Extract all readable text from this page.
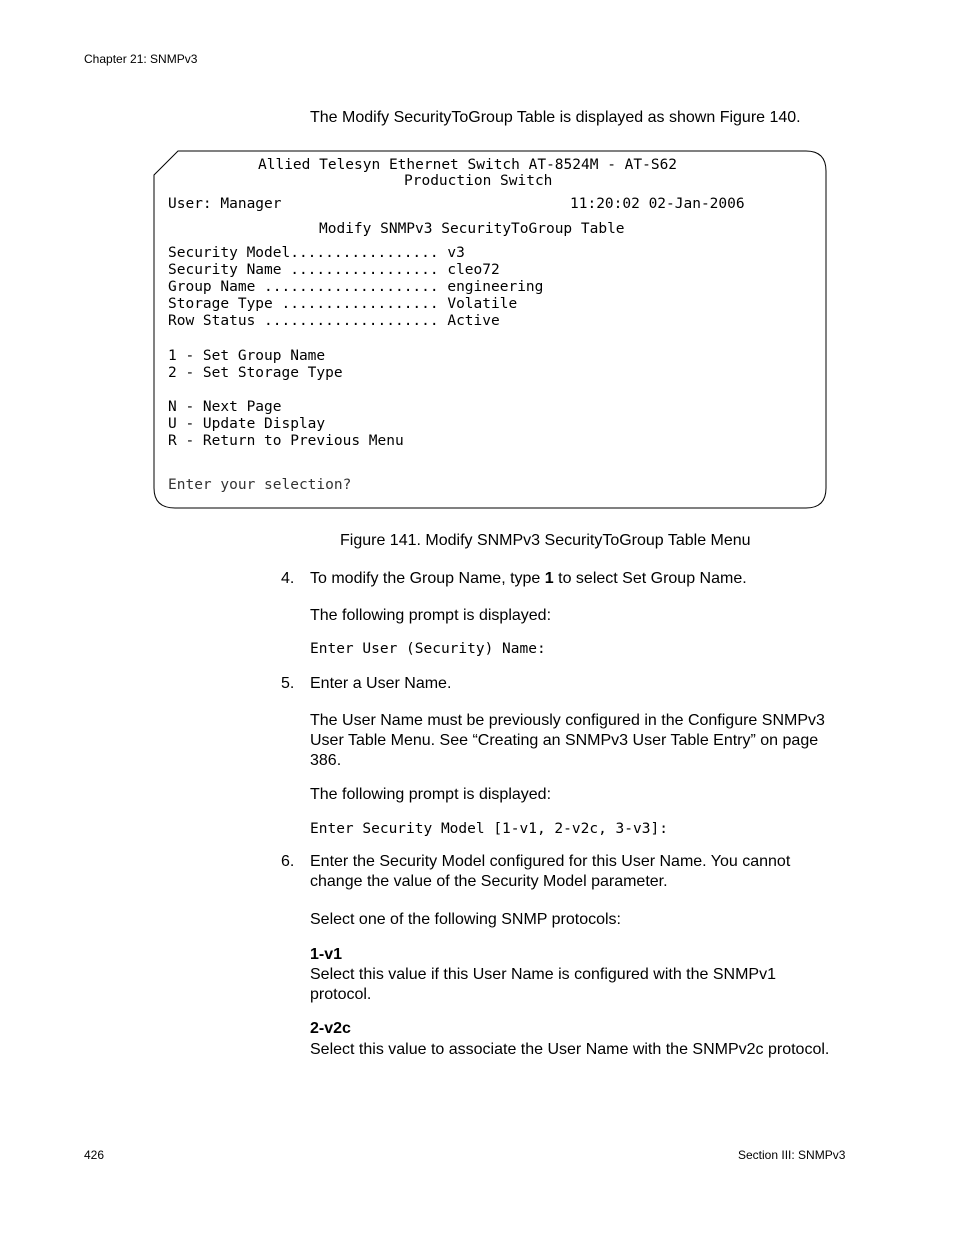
Chapter 21: SNMPv3
The Modify SecurityToGroup Table is displayed as shown Figure 140.
Allied Telesyn Ethernet Switch AT-8524M - AT-S62
Production Switch
User: Manager	11:20:02 02-Jan-2006
Modify SNMPv3 SecurityToGroup Table
Security Model................. v3
Security Name ................. cleo72
Group Name .................... engineering
Storage Type .................. Volatile
Row Status .................... Active
1 - Set Group Name
2 - Set Storage Type
N - Next Page
U - Update Display
R - Return to Previous Menu
Enter your selection?
Figure 141. Modify SNMPv3 SecurityToGroup Table Menu
4. To modify the Group Name, type 1 to select Set Group Name.
The following prompt is displayed:
Enter User (Security) Name:
5. Enter a User Name.
The User Name must be previously configured in the Configure SNMPv3 User Table Menu. See “Creating an SNMPv3 User Table Entry” on page 386.
The following prompt is displayed:
Enter Security Model [1-v1, 2-v2c, 3-v3]:
6. Enter the Security Model configured for this User Name. You cannot change the value of the Security Model parameter.
Select one of the following SNMP protocols:
1-v1
Select this value if this User Name is configured with the SNMPv1 protocol.
2-v2c
Select this value to associate the User Name with the SNMPv2c protocol.
426	Section III: SNMPv3
